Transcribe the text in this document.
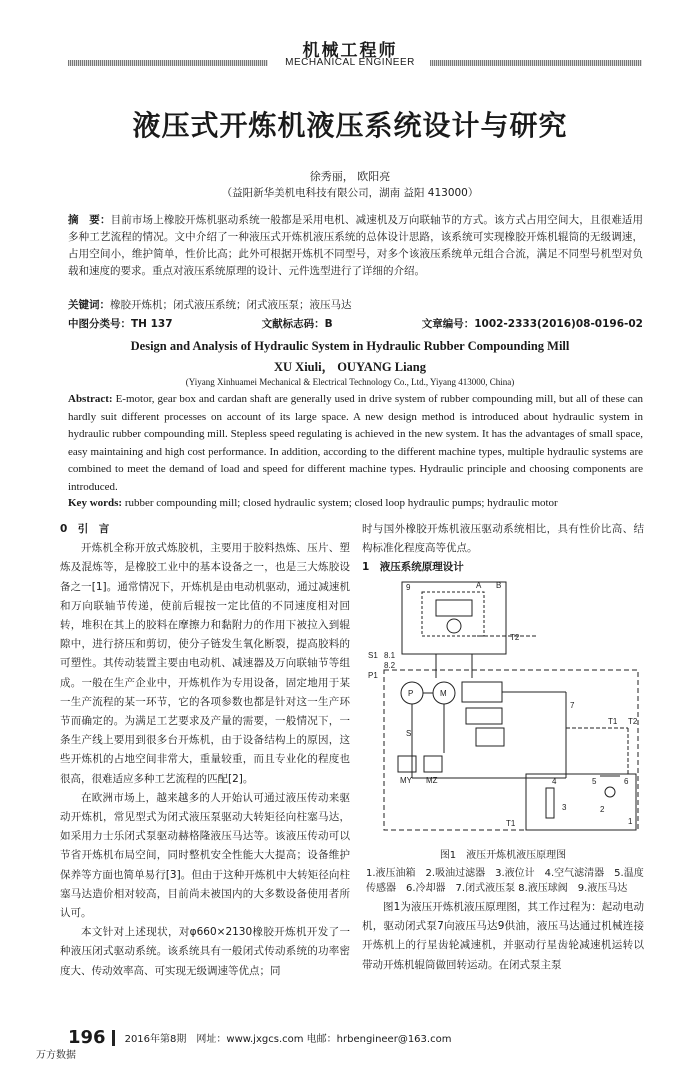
机械工程师
MECHANICAL ENGINEER
液压式开炼机液压系统设计与研究
徐秀丽， 欧阳亮
（益阳新华美机电科技有限公司，湖南 益阳 413000）
摘　要：目前市场上橡胶开炼机驱动系统一般都是采用电机、减速机及万向联轴节的方式。该方式占用空间大，且很难适用多种工艺流程的情况。文中介绍了一种液压式开炼机液压系统的总体设计思路，该系统可实现橡胶开炼机辊筒的无级调速，占用空间小，维护简单，性价比高；此外可根据开炼机不同型号，对多个该液压系统单元组合合流，满足不同型号机型对负载和速度的要求。重点对液压系统原理的设计、元件选型进行了详细的介绍。
关键词：橡胶开炼机；闭式液压系统；闭式液压泵；液压马达
中图分类号：TH 137	文献标志码：B	文章编号：1002-2333(2016)08-0196-02
Design and Analysis of Hydraulic System in Hydraulic Rubber Compounding Mill
XU Xiuli， OUYANG Liang
(Yiyang Xinhuamei Mechanical & Electrical Technology Co., Ltd., Yiyang 413000, China)
Abstract: E-motor, gear box and cardan shaft are generally used in drive system of rubber compounding mill, but all of these can hardly suit different processes on account of its large space. A new design method is introduced about hydraulic system in hydraulic rubber compounding mill. Stepless speed regulating is achieved in the new system. It has the advantages of small space, easy maintaining and high cost performance. In addition, according to the different machine types, multiple hydraulic systems are combined to meet the demand of load and speed for different machine types. Hydraulic principle and choosing components are introduced.
Key words: rubber compounding mill; closed hydraulic system; closed loop hydraulic pumps; hydraulic motor

0　引　言

开炼机全称开放式炼胶机，主要用于胶料热炼、压片、塑炼及混炼等，是橡胶工业中的基本设备之一，也是三大炼胶设备之一[1]。通常情况下，开炼机是由电动机驱动，通过减速机和万向联轴节传递，使前后辊按一定比值的不同速度相对回转，堆积在其上的胶料在摩擦力和黏附力的作用下被拉入到辊隙中，进行挤压和剪切，使分子链发生氧化断裂，提高胶料的可塑性。其传动装置主要由电动机、减速器及万向联轴节等组成。一般在生产企业中，开炼机作为专用设备，固定地用于某一生产流程的某一环节，它的各项参数也都是针对这一生产环节而确定的。为满足工艺要求及产量的需要，一般情况下，一条生产线上要用到很多台开炼机，由于设备结构上的原因，这些开炼机的占地空间非常大，重量较重，而且专业化的程度也很高，很难适应多种工艺流程的匹配[2]。

在欧洲市场上，越来越多的人开始认可通过液压传动来驱动开炼机，常见型式为闭式液压泵驱动大转矩径向柱塞马达，如采用力士乐闭式泵驱动赫格隆液压马达等。该液压传动可以节省开炼机布局空间，同时整机安全性能大大提高；设备维护保养等方面也简单易行[3]。但由于这种开炼机中大转矩径向柱塞马达造价相对较高，目前尚未被国内的大多数设备使用者所认可。

本文针对上述现状，对φ660×2130橡胶开炼机开发了一种液压闭式驱动系统。该系统具有一般闭式传动系统的功率密度大、传动效率高、可实现无级调速等优点；同

时与国外橡胶开炼机液压驱动系统相比，具有性价比高、结构标准化程度高等优点。

1　液压系统原理设计

9	A B
T2
S1 8.1
8.2
P1
P	M
S
T1 T2
7
4	5	6
3	2
1
MY MZ
T1
图1　液压开炼机液压原理图
1.液压油箱　2.吸油过滤器　3.液位计　4.空气滤清器　5.温度
传感器　6.冷却器　7.闭式液压泵 8.液压球阀　9.液压马达

图1为液压开炼机液压原理图，其工作过程为：起动电动机，驱动闭式泵7向液压马达9供油，液压马达通过机械连接开炼机上的行星齿轮减速机，并驱动行星齿轮减速机运转以带动开炼机辊筒做回转运动。在闭式泵主泵

196 2016年第8期　网址：www.jxgcs.com 电邮：hrbengineer@163.com
万方数据
